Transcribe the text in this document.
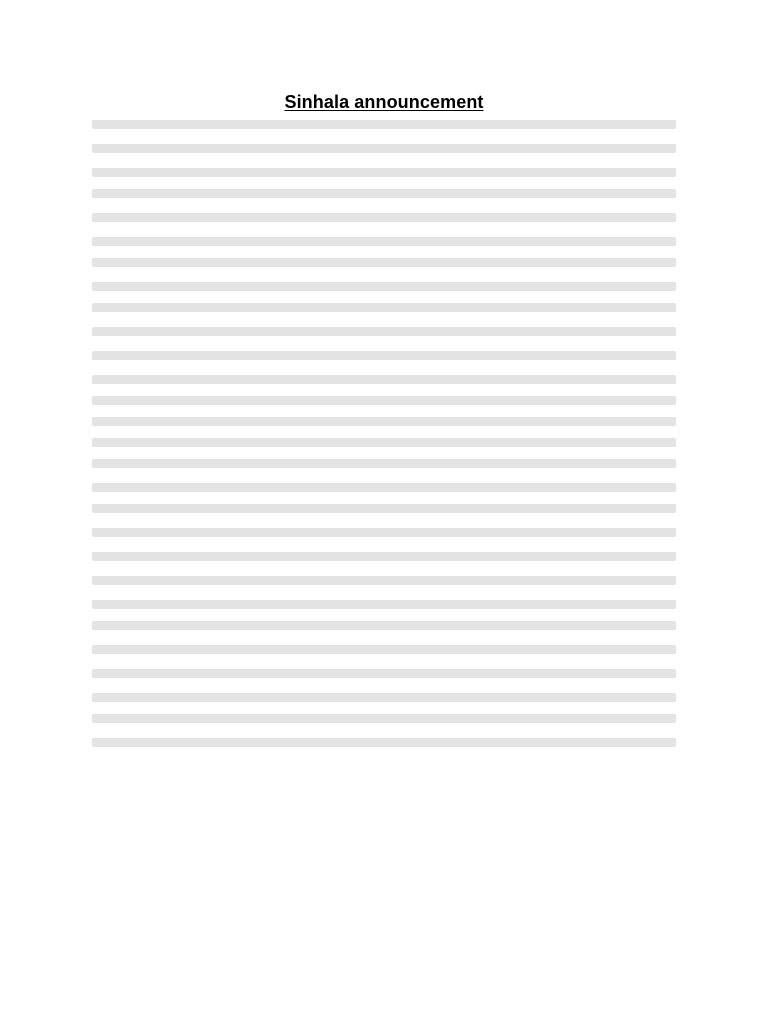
Sinhala announcement
